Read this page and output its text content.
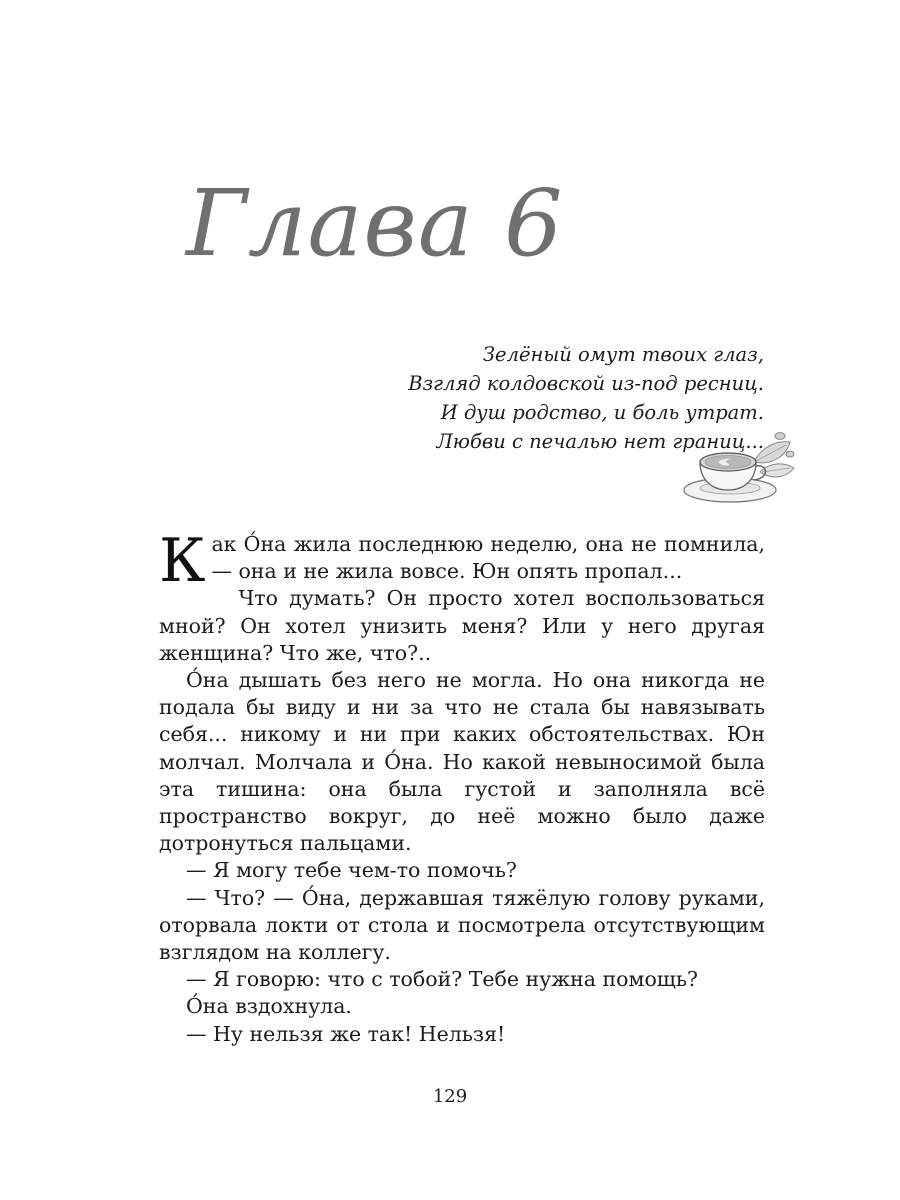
Глава 6
Зелёный омут твоих глаз,
Взгляд колдовской из-под ресниц.
И душ родство, и боль утрат.
Любви с печалью нет границ...

Как О́на жила последнюю неделю, она не помнила, — она и не жила вовсе. Юн опять пропал...

Что думать? Он просто хотел воспользоваться мной? Он хотел унизить меня? Или у него другая женщина? Что же, что?..

О́на дышать без него не могла. Но она никогда не подала бы виду и ни за что не стала бы навязывать себя... никому и ни при каких обстоятельствах. Юн молчал. Молчала и О́на. Но какой невыносимой была эта тишина: она была густой и заполняла всё пространство вокруг, до неё можно было даже дотронуться пальцами.

— Я могу тебе чем-то помочь?

— Что? — О́на, державшая тяжёлую голову руками, оторвала локти от стола и посмотрела отсутствующим взглядом на коллегу.

— Я говорю: что с тобой? Тебе нужна помощь?

О́на вздохнула.

— Ну нельзя же так! Нельзя!

129
